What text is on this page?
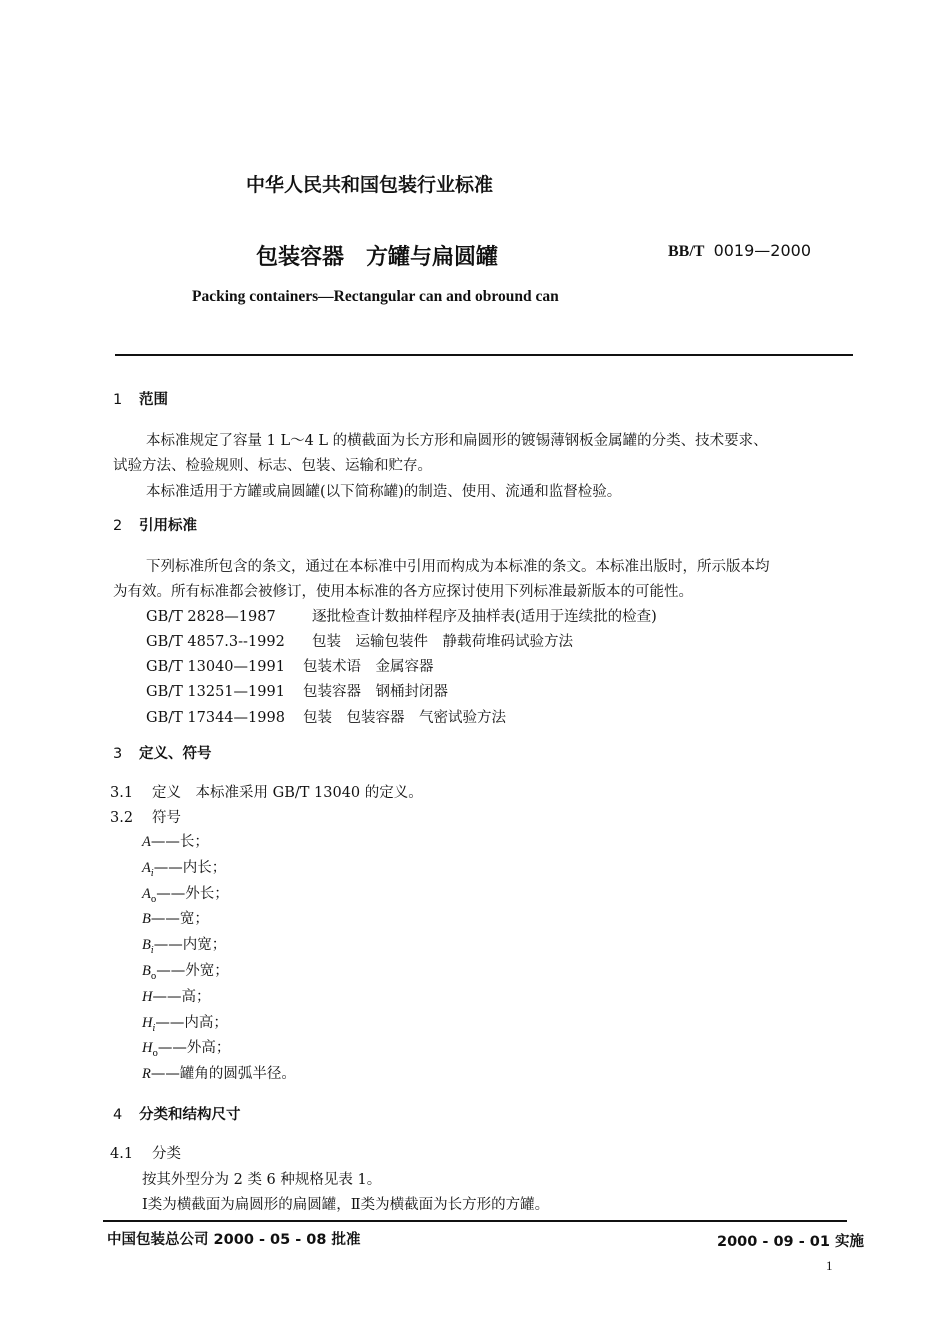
中华人民共和国包装行业标准
包装容器　方罐与扁圆罐	BB/T 0019—2000
Packing containers—Rectangular can and obround can
1 范围
本标准规定了容量 1 L～4 L 的横截面为长方形和扁圆形的镀锡薄钢板金属罐的分类、技术要求、
试验方法、检验规则、标志、包装、运输和贮存。
本标准适用于方罐或扁圆罐(以下简称罐)的制造、使用、流通和监督检验。
2 引用标准
下列标准所包含的条文，通过在本标准中引用而构成为本标准的条文。本标准出版时，所示版本均
为有效。所有标准都会被修订，使用本标准的各方应探讨使用下列标准最新版本的可能性。
GB/T 2828—1987	逐批检查计数抽样程序及抽样表(适用于连续批的检查)
GB/T 4857.3--1992 包装　运输包装件　静载荷堆码试验方法
GB/T 13040—1991 包装术语　金属容器
GB/T 13251—1991 包装容器　钢桶封闭器
GB/T 17344—1998 包装　包装容器　气密试验方法
3 定义、符号
3.1 定义　本标准采用 GB/T 13040 的定义。
3.2 符号
A——长；
$A_i——$内长；
$A_o——$外长；
B——宽；
$B_i——$内宽；
$B_o——$外宽；
H——高；
$H_i——$内高；
$H_o——$外高；
R——罐角的圆弧半径。
4 分类和结构尺寸
4.1 分类
按其外型分为 2 类 6 种规格见表 1。
Ⅰ类为横截面为扁圆形的扁圆罐，Ⅱ类为横截面为长方形的方罐。
中国包装总公司 2000 - 05 - 08 批准	2000 - 09 - 01 实施
1
